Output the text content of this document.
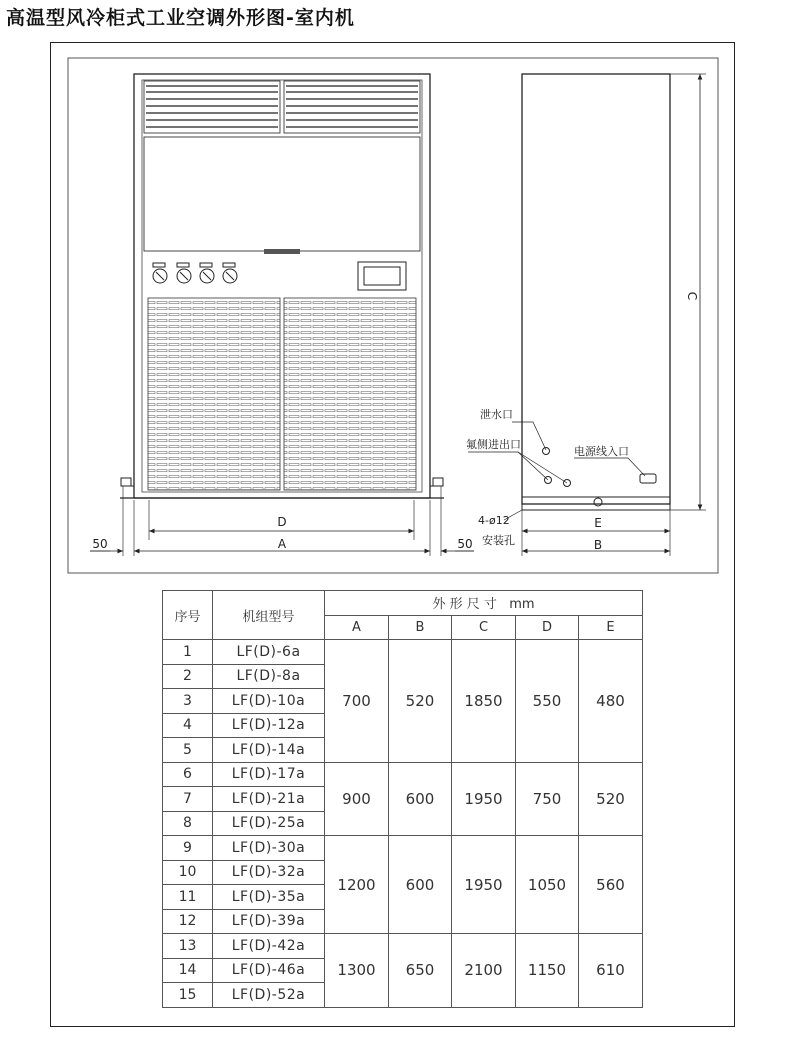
高温型风冷柜式工业空调外形图-室内机
D
A
50	50
C
E
B
泄水口
氟侧进出口
电源线入口
4-ø12
安装孔
序号	机组型号	外 形 尺 寸   mm				
		A	B	C	D	E
1	LF(D)-6a	700	520	1850	550	480
2	LF(D)-8a					
3	LF(D)-10a					
4	LF(D)-12a					
5	LF(D)-14a					
6	LF(D)-17a	900	600	1950	750	520
7	LF(D)-21a					
8	LF(D)-25a					
9	LF(D)-30a	1200	600	1950	1050	560
10	LF(D)-32a					
11	LF(D)-35a					
12	LF(D)-39a					
13	LF(D)-42a	1300	650	2100	1150	610
14	LF(D)-46a					
15	LF(D)-52a					
